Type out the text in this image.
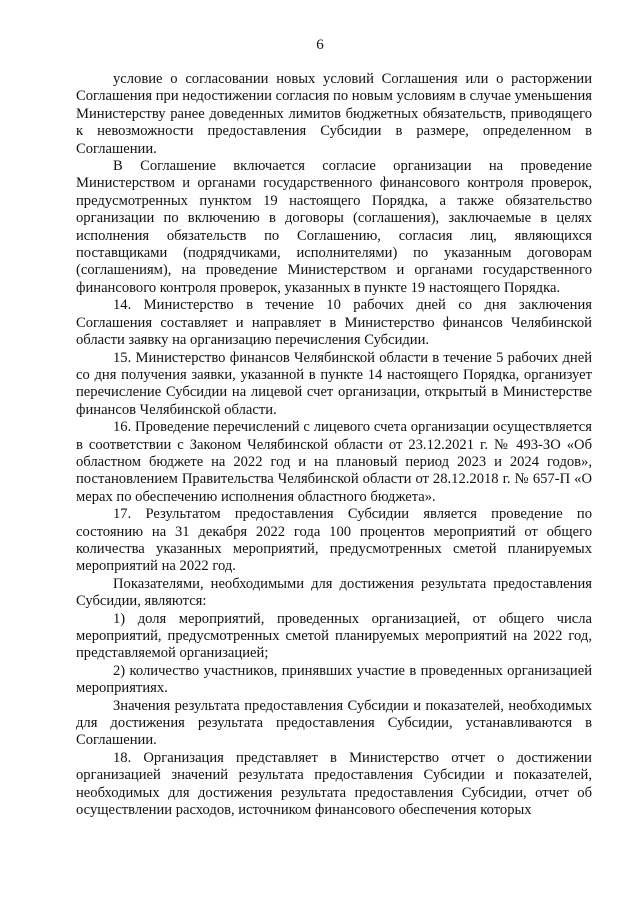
6

условие о согласовании новых условий Соглашения или о расторжении Соглашения при недостижении согласия по новым условиям в случае уменьшения Министерству ранее доведенных лимитов бюджетных обязательств, приводящего к невозможности предоставления Субсидии в размере, определенном в Соглашении.

В Соглашение включается согласие организации на проведение Министерством и органами государственного финансового контроля проверок, предусмотренных пунктом 19 настоящего Порядка, а также обязательство организации по включению в договоры (соглашения), заключаемые в целях исполнения обязательств по Соглашению, согласия лиц, являющихся поставщиками (подрядчиками, исполнителями) по указанным договорам (соглашениям), на проведение Министерством и органами государственного финансового контроля проверок, указанных в пункте 19 настоящего Порядка.

14. Министерство в течение 10 рабочих дней со дня заключения Соглашения составляет и направляет в Министерство финансов Челябинской области заявку на организацию перечисления Субсидии.

15. Министерство финансов Челябинской области в течение 5 рабочих дней со дня получения заявки, указанной в пункте 14 настоящего Порядка, организует перечисление Субсидии на лицевой счет организации, открытый в Министерстве финансов Челябинской области.

16. Проведение перечислений с лицевого счета организации осуществляется в соответствии с Законом Челябинской области от 23.12.2021 г. № 493-ЗО «Об областном бюджете на 2022 год и на плановый период 2023 и 2024 годов», постановлением Правительства Челябинской области от 28.12.2018 г. № 657-П «О мерах по обеспечению исполнения областного бюджета».

17. Результатом предоставления Субсидии является проведение по состоянию на 31 декабря 2022 года 100 процентов мероприятий от общего количества указанных мероприятий, предусмотренных сметой планируемых мероприятий на 2022 год.

Показателями, необходимыми для достижения результата предоставления Субсидии, являются:

1) доля мероприятий, проведенных организацией, от общего числа мероприятий, предусмотренных сметой планируемых мероприятий на 2022 год, представляемой организацией;

2) количество участников, принявших участие в проведенных организацией мероприятиях.

Значения результата предоставления Субсидии и показателей, необходимых для достижения результата предоставления Субсидии, устанавливаются в Соглашении.

18. Организация представляет в Министерство отчет о достижении организацией значений результата предоставления Субсидии и показателей, необходимых для достижения результата предоставления Субсидии, отчет об осуществлении расходов, источником финансового обеспечения которых
